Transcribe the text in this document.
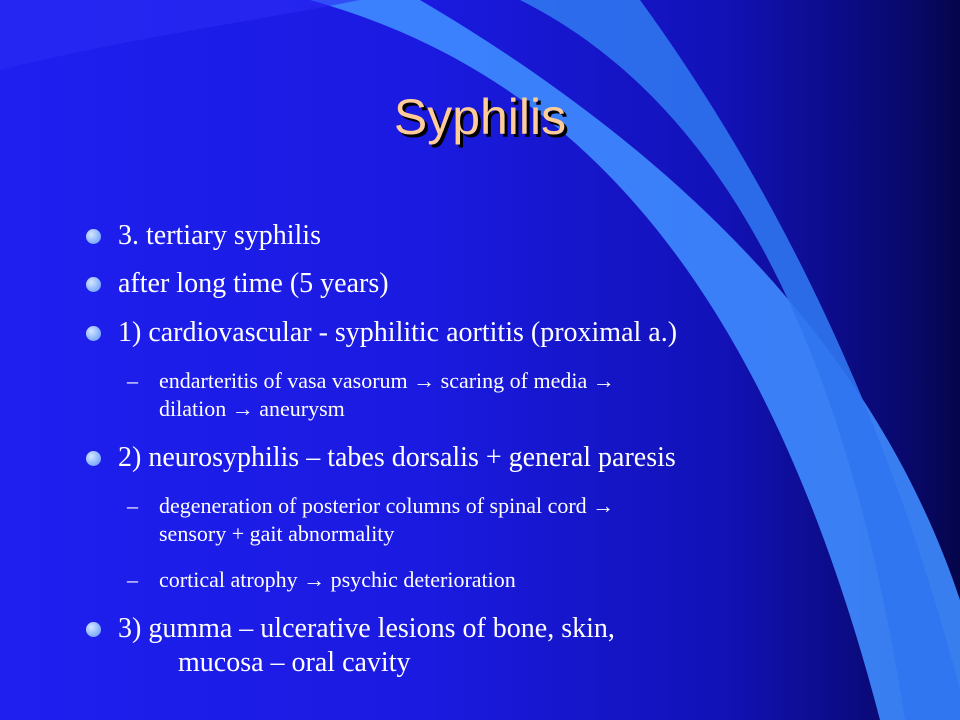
Syphilis
3. tertiary syphilis
after long time (5 years)
1) cardiovascular - syphilitic aortitis (proximal a.)
– endarteritis of vasa vasorum → scaring of media →
dilation → aneurysm
2) neurosyphilis – tabes dorsalis + general paresis
– degeneration of posterior columns of spinal cord →
sensory + gait abnormality
– cortical atrophy → psychic deterioration
3) gumma – ulcerative lesions of bone, skin,
mucosa – oral cavity
